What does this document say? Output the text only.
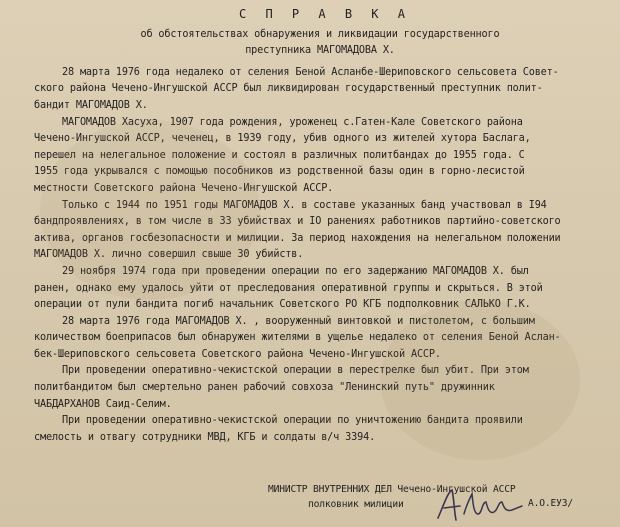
С П Р А В К А
об обстоятельствах обнаружения и ликвидации государственного
преступника МАГОМАДОВА Х.
28 марта 1976 года недалеко от селения Беной Асланбе-Шериповского сельсовета Совет-
ского района Чечено-Ингушской АССР был ликвидирован государственный преступник полит-
бандит МАГОМАДОВ Х.
МАГОМАДОВ Хасуха, 1907 года рождения, уроженец с.Гатен-Кале Советского района
Чечено-Ингушской АССР, чеченец, в 1939 году, убив одного из жителей хутора Баслага,
перешел на нелегальное положение и состоял в различных политбандах до 1955 года. С
1955 года укрывался с помощью пособников из родственной базы один в горно-лесистой
местности Советского района Чечено-Ингушской АССР.
Только с 1944 по 1951 годы МАГОМАДОВ Х. в составе указанных банд участвовал в I94
бандпроявлениях, в том числе в 33 убийствах и IO ранениях работников партийно-советского
актива, органов госбезопасности и милиции. За период нахождения на нелегальном положении
МАГОМАДОВ Х. лично совершил свыше 30 убийств.
29 ноября 1974 года при проведении операции по его задержанию МАГОМАДОВ Х. был
ранен, однако ему удалось уйти от преследования оперативной группы и скрыться. В этой
операции от пули бандита погиб начальник Советского РО КГБ подполковник САЛЬКО Г.К.
28 марта 1976 года МАГОМАДОВ Х. , вооруженный винтовкой и пистолетом, с большим
количеством боеприпасов был обнаружен жителями в ущелье недалеко от селения Беной Аслан-
бек-Шериповского сельсовета Советского района Чечено-Ингушской АССР.
При проведении оперативно-чекистской операции в перестрелке был убит. При этом
политбандитом был смертельно ранен рабочий совхоза "Ленинский путь" дружинник
ЧАБДАРХАНОВ Саид-Селим.
При проведении оперативно-чекистской операции по уничтожению бандита проявили
смелость и отвагу сотрудники МВД, КГБ и солдаты в/ч 3394.
МИНИСТР ВНУТРЕННИХ ДЕЛ Чечено-Ингушской АССР
полковник милиции	А.О.ЕУЗ/
